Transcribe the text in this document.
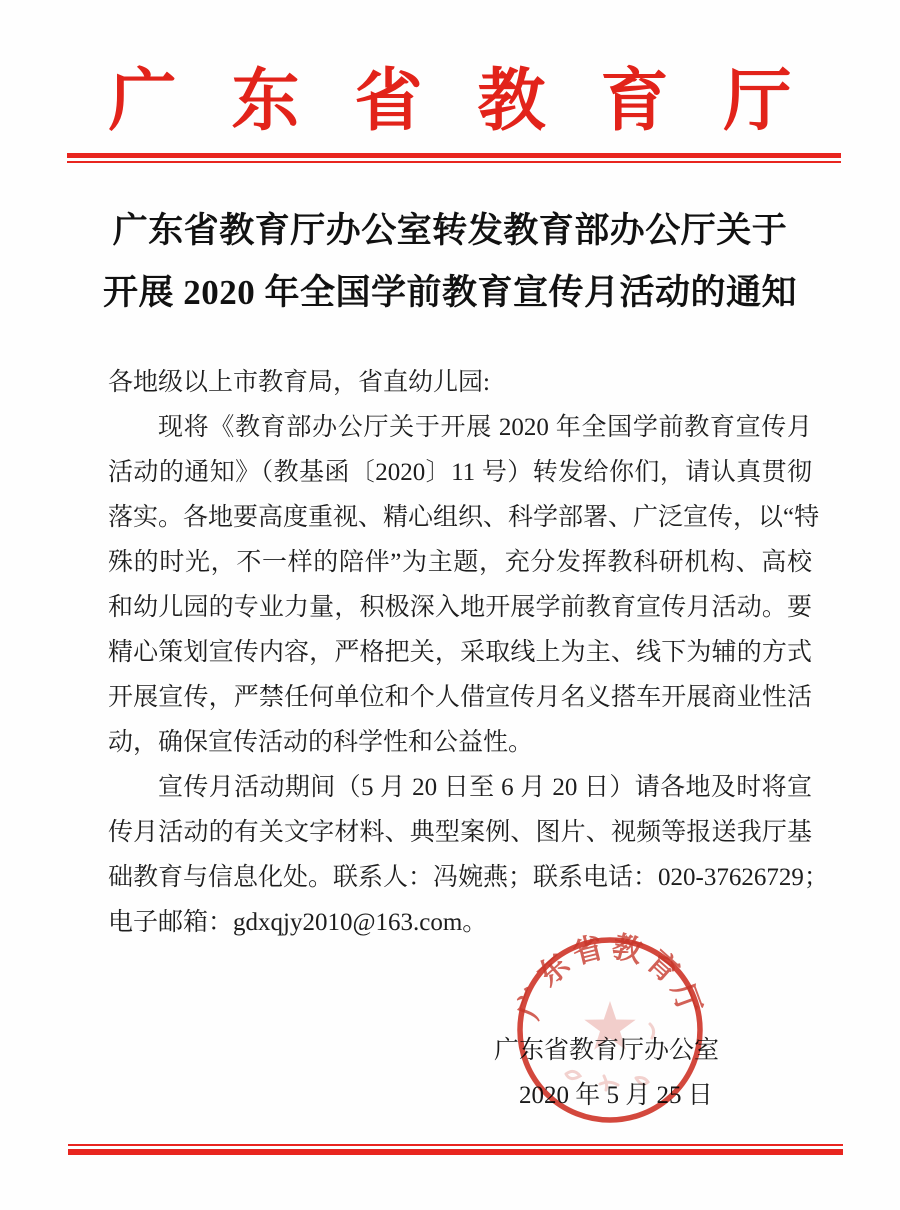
广东省教育厅
广东省教育厅办公室转发教育部办公厅关于
开展 2020 年全国学前教育宣传月活动的通知
各地级以上市教育局，省直幼儿园:
现将《教育部办公厅关于开展 2020 年全国学前教育宣传月
活动的通知》（教基函〔2020〕11 号）转发给你们，请认真贯彻
落实。各地要高度重视、精心组织、科学部署、广泛宣传，以“特
殊的时光，不一样的陪伴”为主题，充分发挥教科研机构、高校
和幼儿园的专业力量，积极深入地开展学前教育宣传月活动。要
精心策划宣传内容，严格把关，采取线上为主、线下为辅的方式
开展宣传，严禁任何单位和个人借宣传月名义搭车开展商业性活
动，确保宣传活动的科学性和公益性。
宣传月活动期间（5 月 20 日至 6 月 20 日）请各地及时将宣
传月活动的有关文字材料、典型案例、图片、视频等报送我厅基
础教育与信息化处。联系人：冯婉燕；联系电话：020-37626729；
电子邮箱：gdxqjy2010@163.com。
广东省教育厅办公室
2020 年 5 月 25 日
广东省教育厅
